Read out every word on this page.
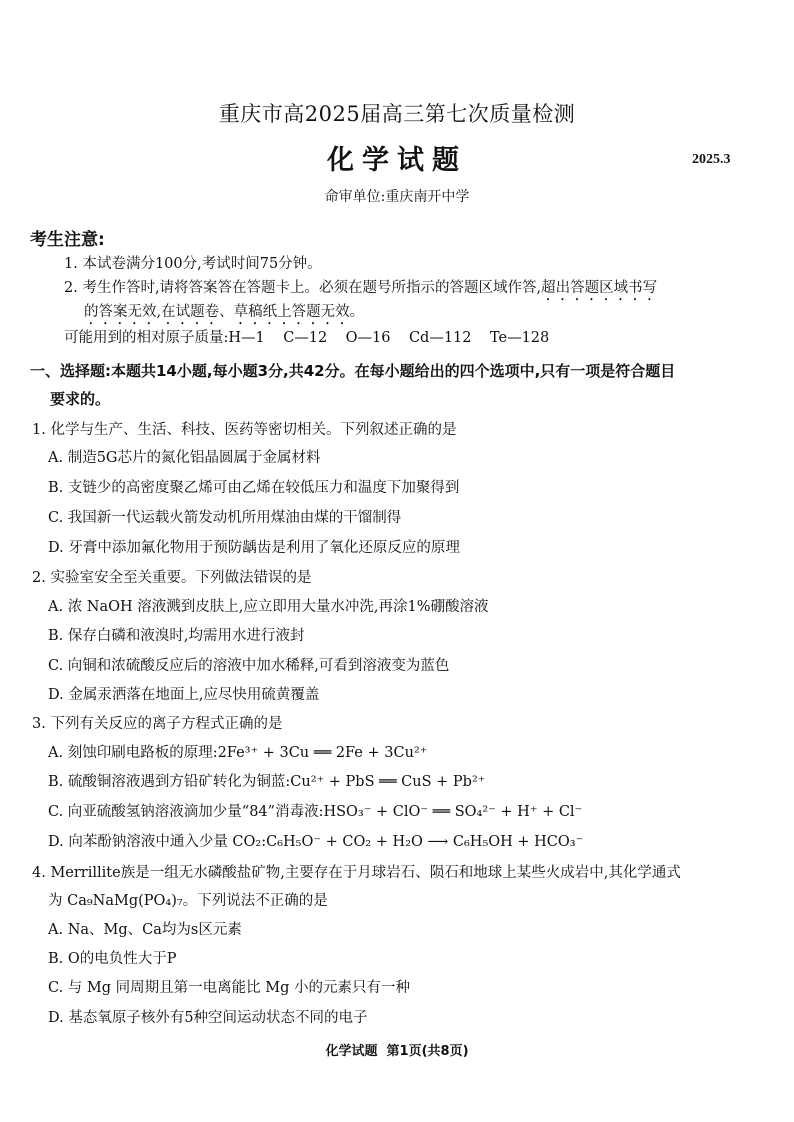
重庆市高2025届高三第七次质量检测
化学试题	2025.3
命审单位:重庆南开中学
考生注意:
1. 本试卷满分100分,考试时间75分钟。
2. 考生作答时,请将答案答在答题卡上。必须在题号所指示的答题区域作答,超出答题区域书写
的答案无效,在试题卷、草稿纸上答题无效。
可能用到的相对原子质量:H—1    C—12    O—16    Cd—112    Te—128
一、选择题:本题共14小题,每小题3分,共42分。在每小题给出的四个选项中,只有一项是符合题目
要求的。
1. 化学与生产、生活、科技、医药等密切相关。下列叙述正确的是
A. 制造5G芯片的氮化铝晶圆属于金属材料
B. 支链少的高密度聚乙烯可由乙烯在较低压力和温度下加聚得到
C. 我国新一代运载火箭发动机所用煤油由煤的干馏制得
D. 牙膏中添加氟化物用于预防龋齿是利用了氧化还原反应的原理
2. 实验室安全至关重要。下列做法错误的是
A. 浓 NaOH 溶液溅到皮肤上,应立即用大量水冲洗,再涂1%硼酸溶液
B. 保存白磷和液溴时,均需用水进行液封
C. 向铜和浓硫酸反应后的溶液中加水稀释,可看到溶液变为蓝色
D. 金属汞洒落在地面上,应尽快用硫黄覆盖
3. 下列有关反应的离子方程式正确的是
A. 刻蚀印刷电路板的原理:2Fe³⁺ + 3Cu ══ 2Fe + 3Cu²⁺
B. 硫酸铜溶液遇到方铅矿转化为铜蓝:Cu²⁺ + PbS ══ CuS + Pb²⁺
C. 向亚硫酸氢钠溶液滴加少量“84”消毒液:HSO₃⁻ + ClO⁻ ══ SO₄²⁻ + H⁺ + Cl⁻
D. 向苯酚钠溶液中通入少量 CO₂:C₆H₅O⁻ + CO₂ + H₂O ⟶ C₆H₅OH + HCO₃⁻
4. Merrillite族是一组无水磷酸盐矿物,主要存在于月球岩石、陨石和地球上某些火成岩中,其化学通式
为 Ca₉NaMg(PO₄)₇。下列说法不正确的是
A. Na、Mg、Ca均为s区元素
B. O的电负性大于P
C. 与 Mg 同周期且第一电离能比 Mg 小的元素只有一种
D. 基态氧原子核外有5种空间运动状态不同的电子
化学试题  第1页(共8页)
